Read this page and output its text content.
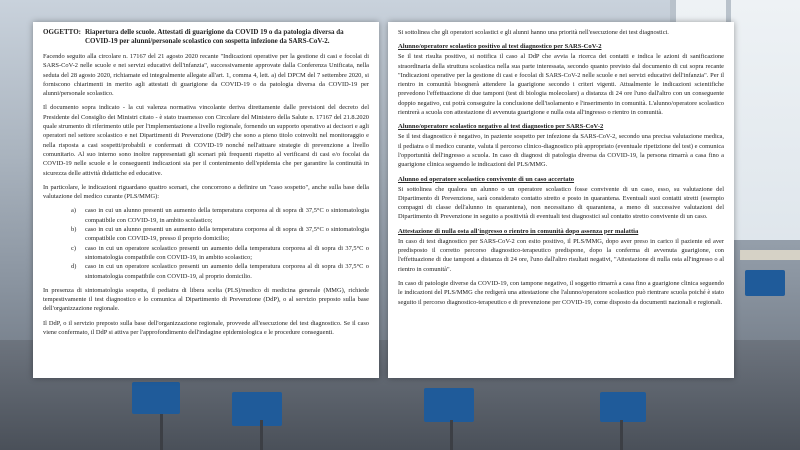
OGGETTO: Riapertura delle scuole. Attestati di guarigione da COVID 19 o da patologia diversa da COVID-19 per alunni/personale scolastico con sospetta infezione da SARS-CoV-2.

Facendo seguito alla circolare n. 17167 del 21 agosto 2020 recante "Indicazioni operative per la gestione di casi e focolai di SARS-CoV-2 nelle scuole e nei servizi educativi dell'infanzia", successivamente approvate dalla Conferenza Unificata, nella seduta del 28 agosto 2020, richiamate ed integralmente allegate all'art. 1, comma 4, lett. a) del DPCM del 7 settembre 2020, si forniscono chiarimenti in merito agli attestati di guarigione da COVID-19 o da patologia diversa da COVID-19 per alunni/personale scolastico.

Il documento sopra indicato - la cui valenza normativa vincolante deriva direttamente dalle previsioni del decreto del Presidente del Consiglio dei Ministri citato - è stato trasmesso con Circolare del Ministero della Salute n. 17167 del 21.8.2020 quale strumento di riferimento utile per l'implementazione a livello regionale, fornendo un supporto operativo ai decisori e agli operatori nel settore scolastico e nei Dipartimenti di Prevenzione (DdP) che sono a pieno titolo coinvolti nel monitoraggio e nella risposta a casi sospetti/probabili e confermati di COVID-19 nonché nell'attuare strategie di prevenzione a livello comunitario. Al suo interno sono inoltre rappresentati gli scenari più frequenti rispetto al verificarsi di casi e/o focolai da COVID-19 nelle scuole e le conseguenti indicazioni sia per il contenimento dell'epidemia che per garantire la continuità in sicurezza delle attività didattiche ed educative.

In particolare, le indicazioni riguardano quattro scenari, che concorrono a definire un "caso sospetto", anche sulla base della valutazione del medico curante (PLS/MMG):

a)	caso in cui un alunno presenti un aumento della temperatura corporea al di sopra di 37,5°C o sintomatologia compatibile con COVID-19, in ambito scolastico;
b)	caso in cui un alunno presenti un aumento della temperatura corporea al di sopra di 37,5°C o sintomatologia compatibile con COVID-19, presso il proprio domicilio;
c)	caso in cui un operatore scolastico presenti un aumento della temperatura corporea al di sopra di 37,5°C o sintomatologia compatibile con COVID-19, in ambito scolastico;
d)	caso in cui un operatore scolastico presenti un aumento della temperatura corporea al di sopra di 37,5°C o sintomatologia compatibile con COVID-19, al proprio domicilio.

In presenza di sintomatologia sospetta, il pediatra di libera scelta (PLS)/medico di medicina generale (MMG), richiede tempestivamente il test diagnostico e lo comunica al Dipartimento di Prevenzione (DdP), o al servizio preposto sulla base dell'organizzazione regionale.

Il DdP, o il servizio preposto sulla base dell'organizzazione regionale, provvede all'esecuzione del test diagnostico. Se il caso viene confermato, il DdP si attiva per l'approfondimento dell'indagine epidemiologica e le procedure conseguenti.

Si sottolinea che gli operatori scolastici e gli alunni hanno una priorità nell'esecuzione dei test diagnostici.

Alunno/operatore scolastico positivo al test diagnostico per SARS-CoV-2

Se il test risulta positivo, si notifica il caso al DdP che avvia la ricerca dei contatti e indica le azioni di sanificazione straordinaria della struttura scolastica nella sua parte interessata, secondo quanto previsto dal documento di cui sopra recante "Indicazioni operative per la gestione di casi e focolai di SARS-CoV-2 nelle scuole e nei servizi educativi dell'infanzia". Per il rientro in comunità bisognerà attendere la guarigione secondo i criteri vigenti. Attualmente le indicazioni scientifiche prevedono l'effettuazione di due tamponi (test di biologia molecolare) a distanza di 24 ore l'uno dall'altro con un conseguente doppio negativo, cui potrà conseguire la conclusione dell'isolamento e l'inserimento in comunità. L'alunno/operatore scolastico rientrerà a scuola con attestazione di avvenuta guarigione e nulla osta all'ingresso o rientro in comunità.

Alunno/operatore scolastico negativo al test diagnostico per SARS-CoV-2

Se il test diagnostico è negativo, in paziente sospetto per infezione da SARS-CoV-2, secondo una precisa valutazione medica, il pediatra o il medico curante, valuta il percorso clinico-diagnostico più appropriato (eventuale ripetizione del test) e comunica l'opportunità dell'ingresso a scuola. In caso di diagnosi di patologia diversa da COVID-19, la persona rimarrà a casa fino a guarigione clinica seguendo le indicazioni del PLS/MMG.

Alunno od operatore scolastico convivente di un caso accertato

Si sottolinea che qualora un alunno o un operatore scolastico fosse convivente di un caso, esso, su valutazione del Dipartimento di Prevenzione, sarà considerato contatto stretto e posto in quarantena. Eventuali suoi contatti stretti (esempio compagni di classe dell'alunno in quarantena), non necessitano di quarantena, a meno di successive valutazioni del Dipartimento di Prevenzione in seguito a positività di eventuali test diagnostici sul contatto stretto convivente di un caso.

Attestazione di nulla osta all'ingresso o rientro in comunità dopo assenza per malattia

In caso di test diagnostico per SARS-CoV-2 con esito positivo, il PLS/MMG, dopo aver preso in carico il paziente ed aver predisposto il corretto percorso diagnostico-terapeutico predispone, dopo la conferma di avvenuta guarigione, con l'effettuazione di due tamponi a distanza di 24 ore, l'uno dall'altro risultati negativi, "Attestazione di nulla osta all'ingresso o al rientro in comunità".

In caso di patologie diverse da COVID-19, con tampone negativo, il soggetto rimarrà a casa fino a guarigione clinica seguendo le indicazioni del PLS/MMG che redigerà una attestazione che l'alunno/operatore scolastico può rientrare scuola poiché è stato seguito il percorso diagnostico-terapeutico e di prevenzione per COVID-19, come disposto da documenti nazionali e regionali.
